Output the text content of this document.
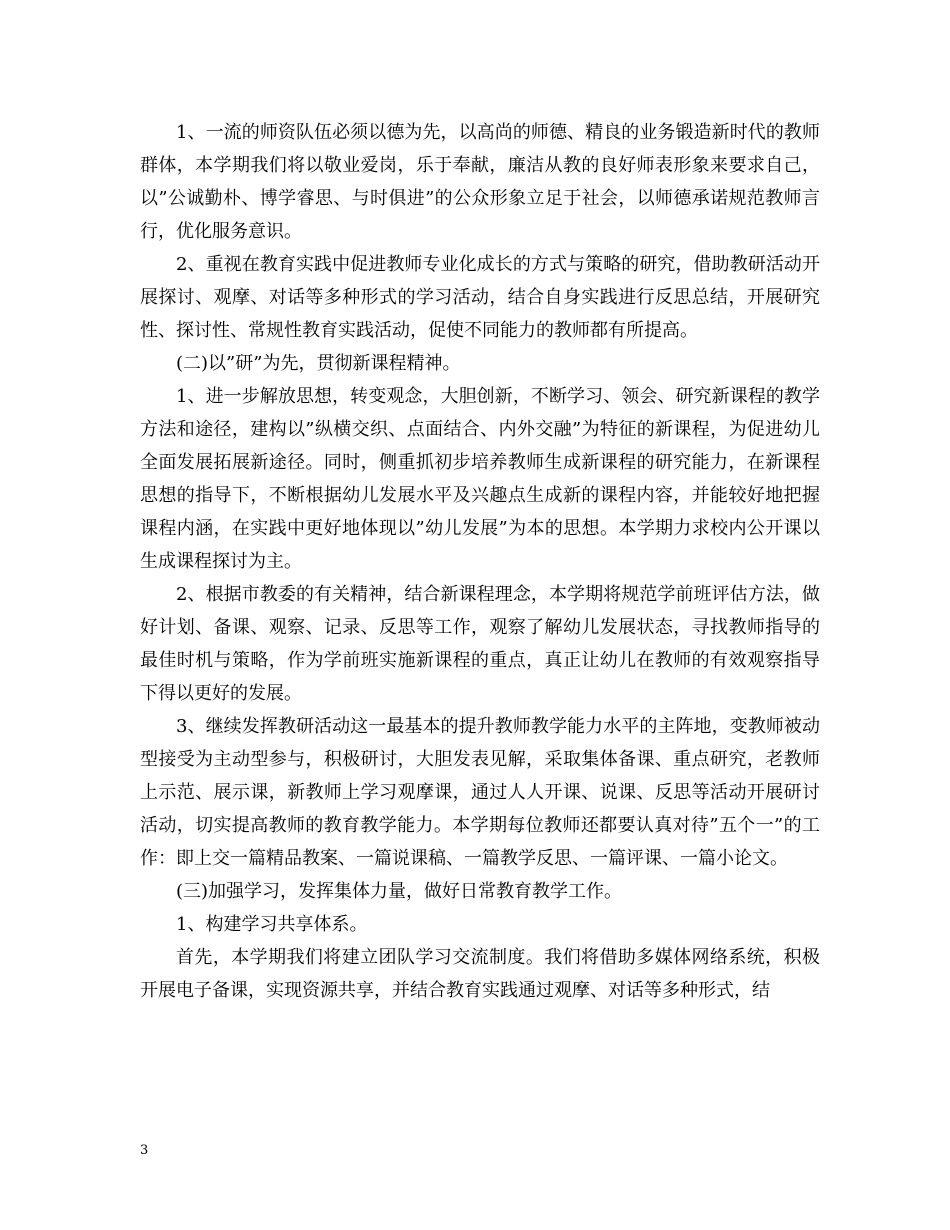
1、一流的师资队伍必须以德为先，以高尚的师德、精良的业务锻造新时代的教师群体，本学期我们将以敬业爱岗，乐于奉献，廉洁从教的良好师表形象来要求自己，以”公诚勤朴、博学睿思、与时俱进”的公众形象立足于社会，以师德承诺规范教师言行，优化服务意识。

2、重视在教育实践中促进教师专业化成长的方式与策略的研究，借助教研活动开展探讨、观摩、对话等多种形式的学习活动，结合自身实践进行反思总结，开展研究性、探讨性、常规性教育实践活动，促使不同能力的教师都有所提高。

(二)以”研”为先，贯彻新课程精神。

1、进一步解放思想，转变观念，大胆创新，不断学习、领会、研究新课程的教学方法和途径，建构以”纵横交织、点面结合、内外交融”为特征的新课程，为促进幼儿全面发展拓展新途径。同时，侧重抓初步培养教师生成新课程的研究能力，在新课程思想的指导下，不断根据幼儿发展水平及兴趣点生成新的课程内容，并能较好地把握课程内涵，在实践中更好地体现以”幼儿发展”为本的思想。本学期力求校内公开课以生成课程探讨为主。

2、根据市教委的有关精神，结合新课程理念，本学期将规范学前班评估方法，做好计划、备课、观察、记录、反思等工作，观察了解幼儿发展状态，寻找教师指导的最佳时机与策略，作为学前班实施新课程的重点，真正让幼儿在教师的有效观察指导下得以更好的发展。

3、继续发挥教研活动这一最基本的提升教师教学能力水平的主阵地，变教师被动型接受为主动型参与，积极研讨，大胆发表见解，采取集体备课、重点研究，老教师上示范、展示课，新教师上学习观摩课，通过人人开课、说课、反思等活动开展研讨活动，切实提高教师的教育教学能力。本学期每位教师还都要认真对待”五个一”的工作：即上交一篇精品教案、一篇说课稿、一篇教学反思、一篇评课、一篇小论文。

(三)加强学习，发挥集体力量，做好日常教育教学工作。

1、构建学习共享体系。

首先，本学期我们将建立团队学习交流制度。我们将借助多媒体网络系统，积极开展电子备课，实现资源共享，并结合教育实践通过观摩、对话等多种形式，结

3
